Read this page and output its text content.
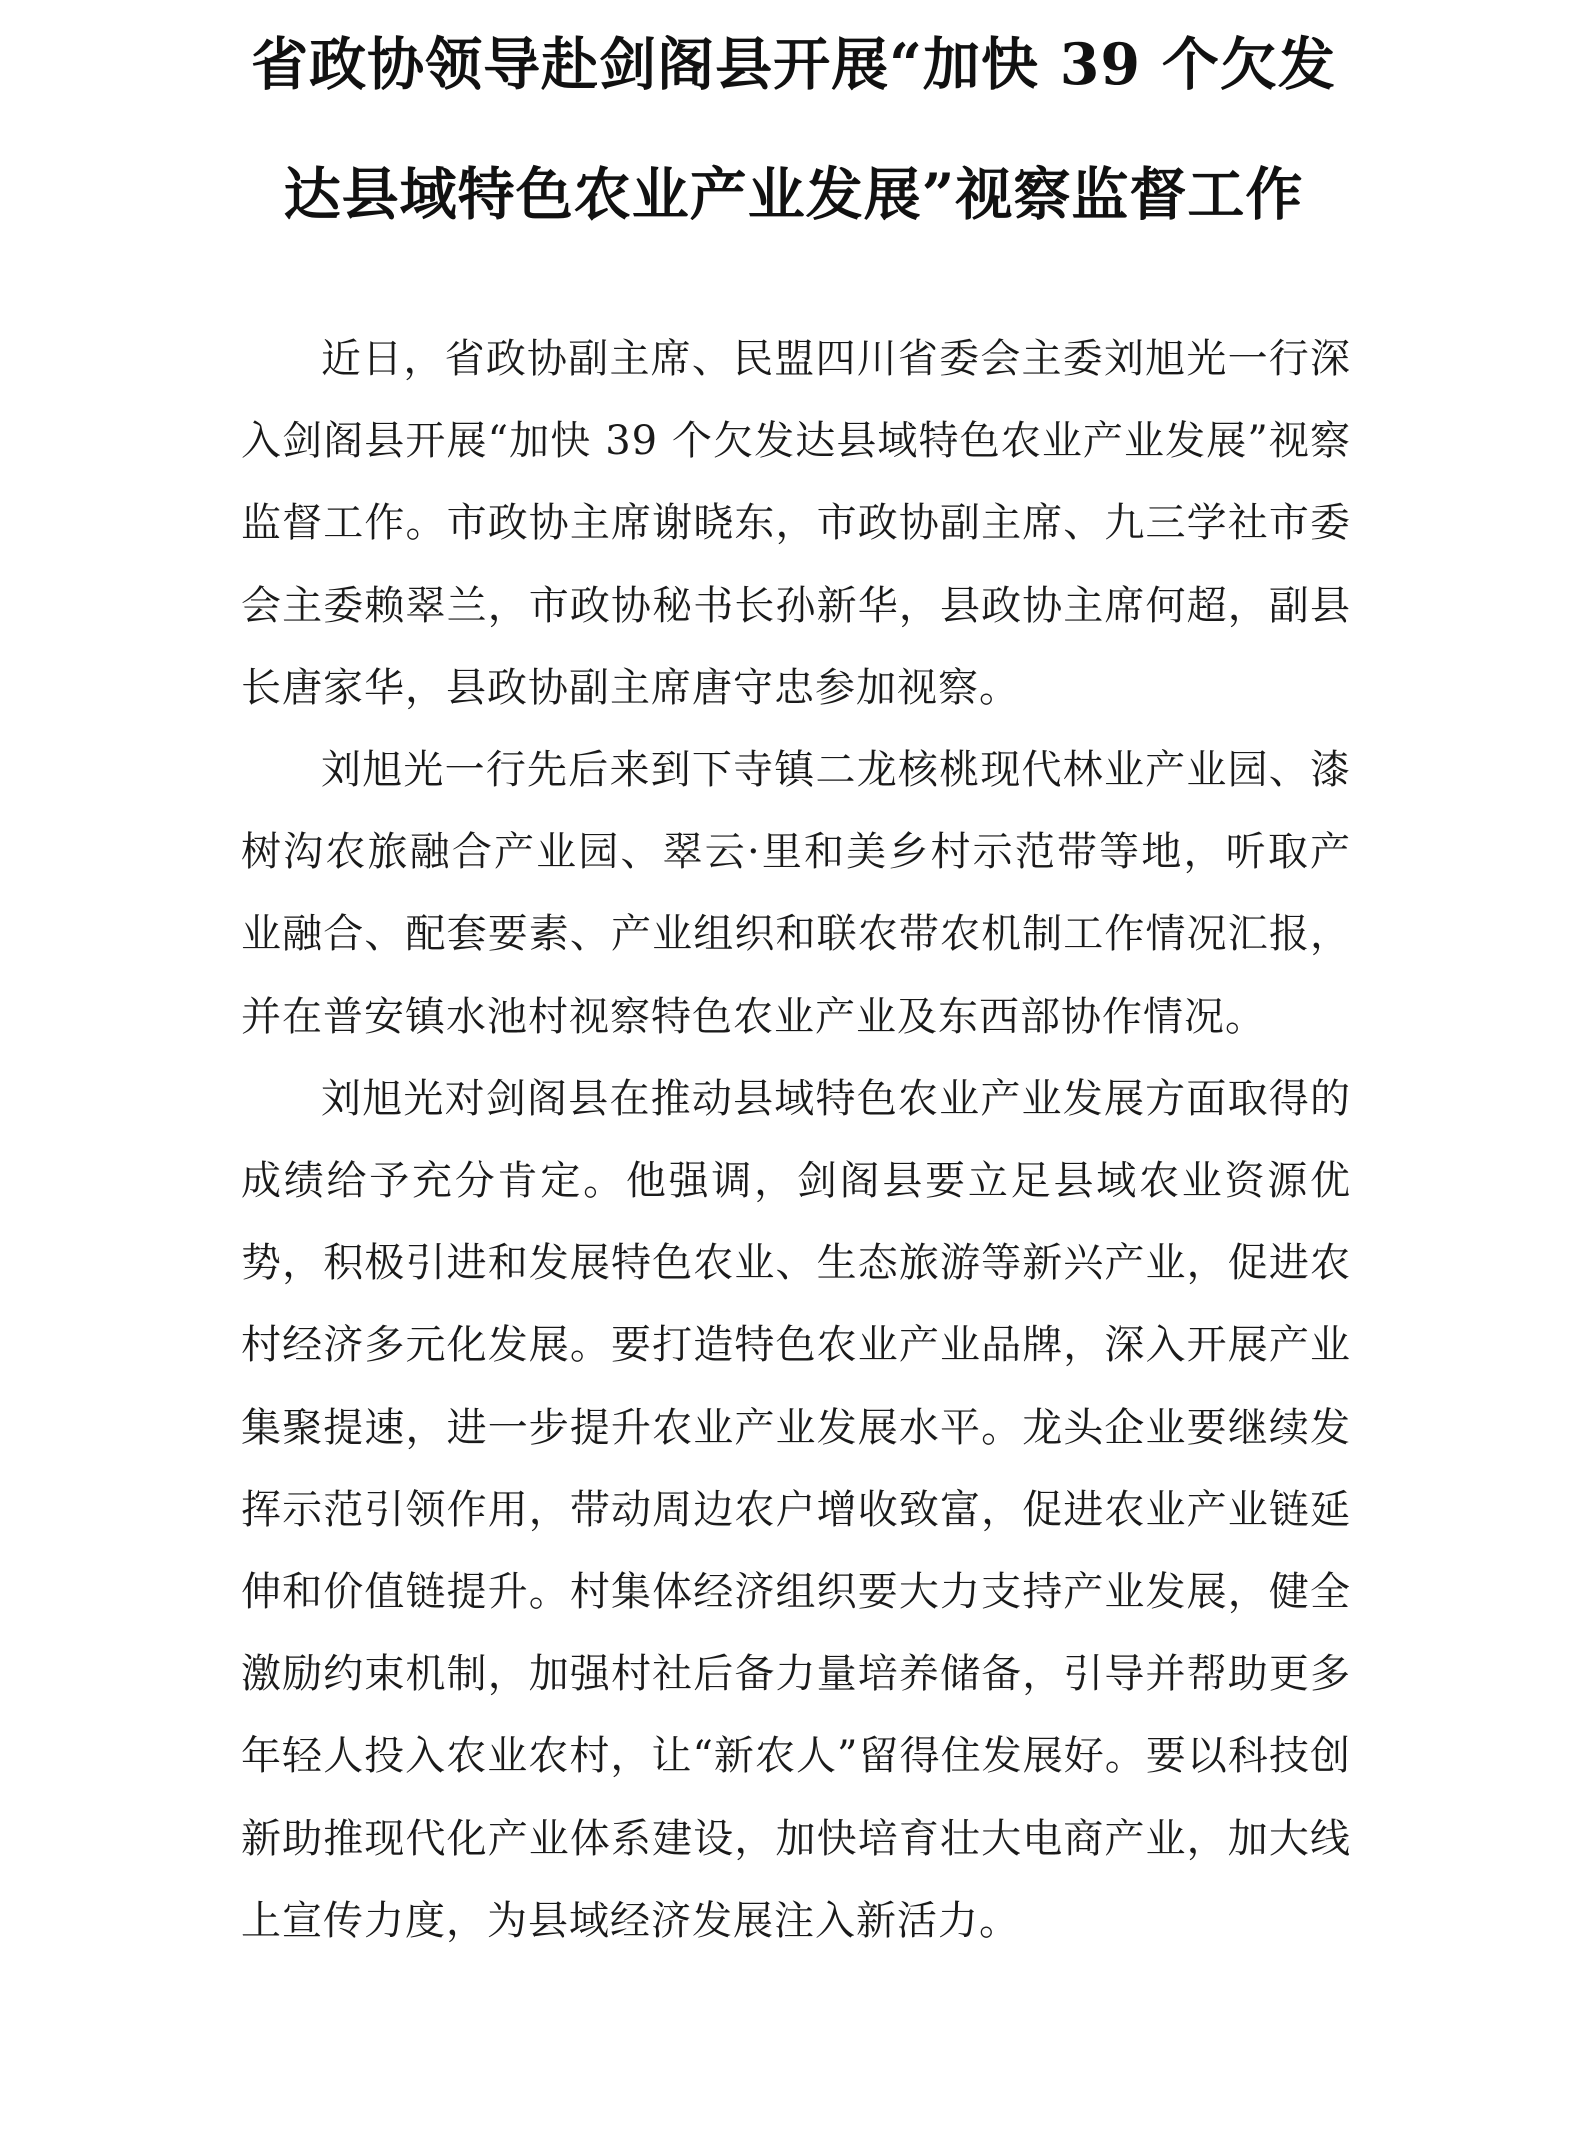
省政协领导赴剑阁县开展“加快 39 个欠发
达县域特色农业产业发展”视察监督工作

近日，省政协副主席、民盟四川省委会主委刘旭光一行深入剑阁县开展“加快 39 个欠发达县域特色农业产业发展”视察监督工作。市政协主席谢晓东，市政协副主席、九三学社市委会主委赖翠兰，市政协秘书长孙新华，县政协主席何超，副县长唐家华，县政协副主席唐守忠参加视察。

刘旭光一行先后来到下寺镇二龙核桃现代林业产业园、漆树沟农旅融合产业园、翠云·里和美乡村示范带等地，听取产业融合、配套要素、产业组织和联农带农机制工作情况汇报，并在普安镇水池村视察特色农业产业及东西部协作情况。

刘旭光对剑阁县在推动县域特色农业产业发展方面取得的成绩给予充分肯定。他强调，剑阁县要立足县域农业资源优势，积极引进和发展特色农业、生态旅游等新兴产业，促进农村经济多元化发展。要打造特色农业产业品牌，深入开展产业集聚提速，进一步提升农业产业发展水平。龙头企业要继续发挥示范引领作用，带动周边农户增收致富，促进农业产业链延伸和价值链提升。村集体经济组织要大力支持产业发展，健全激励约束机制，加强村社后备力量培养储备，引导并帮助更多年轻人投入农业农村，让“新农人”留得住发展好。要以科技创新助推现代化产业体系建设，加快培育壮大电商产业，加大线上宣传力度，为县域经济发展注入新活力。
